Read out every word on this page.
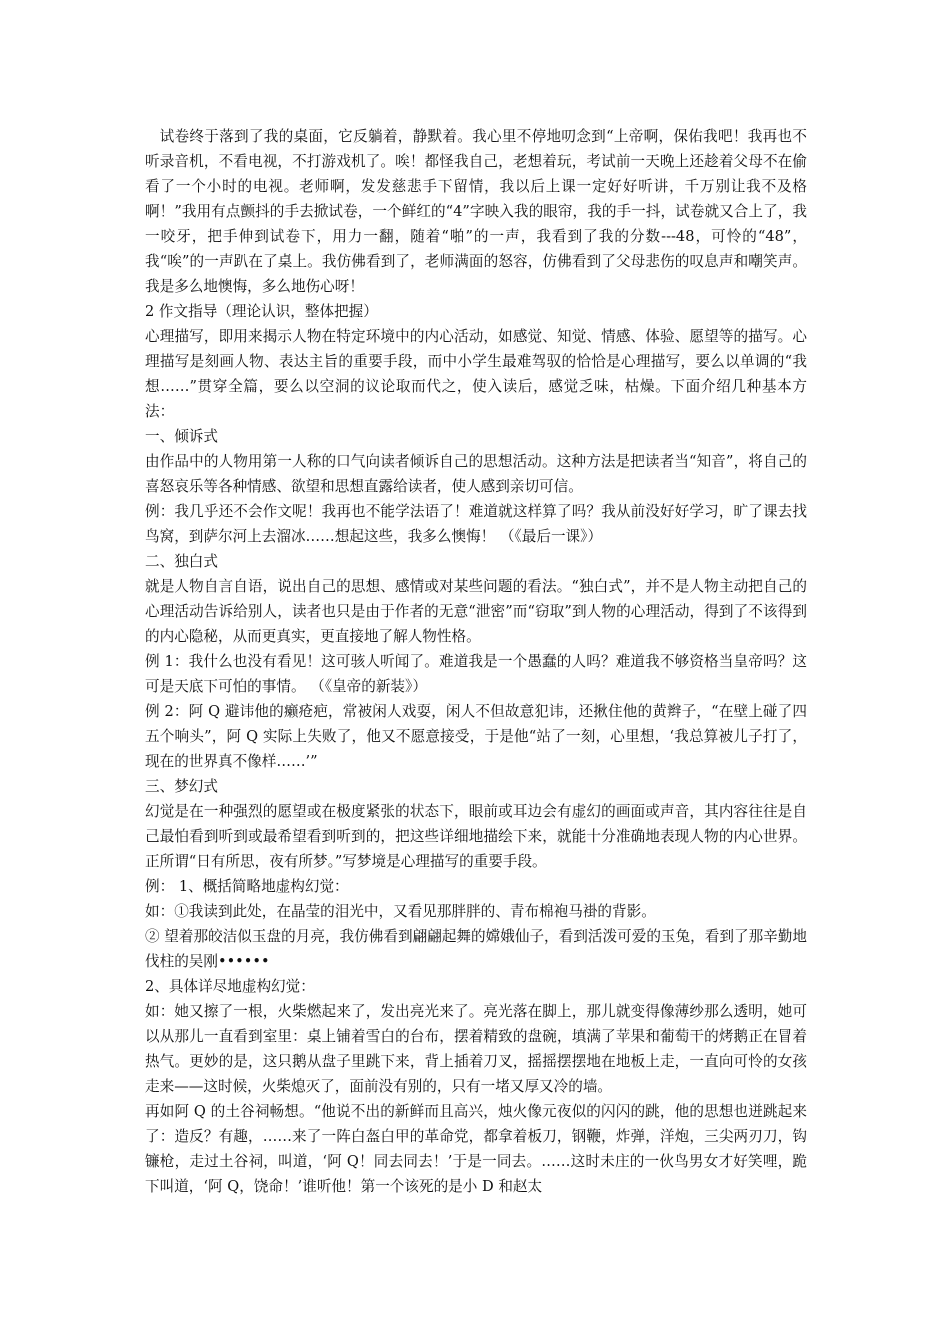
试卷终于落到了我的桌面，它反躺着，静默着。我心里不停地叨念到“上帝啊，保佑我吧！我再也不听录音机，不看电视，不打游戏机了。唉！都怪我自己，老想着玩，考试前一天晚上还趁着父母不在偷看了一个小时的电视。老师啊，发发慈悲手下留情，我以后上课一定好好听讲，千万别让我不及格啊！”我用有点颤抖的手去掀试卷，一个鲜红的“4”字映入我的眼帘，我的手一抖，试卷就又合上了，我一咬牙，把手伸到试卷下，用力一翻，随着“啪”的一声，我看到了我的分数---48，可怜的“48”，我“唉”的一声趴在了桌上。我仿佛看到了，老师满面的怒容，仿佛看到了父母悲伤的叹息声和嘲笑声。我是多么地懊悔，多么地伤心呀！

2 作文指导（理论认识，整体把握）

心理描写，即用来揭示人物在特定环境中的内心活动，如感觉、知觉、情感、体验、愿望等的描写。心理描写是刻画人物、表达主旨的重要手段，而中小学生最难驾驭的恰恰是心理描写，要么以单调的“我想……”贯穿全篇，要么以空洞的议论取而代之，使入读后，感觉乏味，枯燥。下面介绍几种基本方法：

一、倾诉式

由作品中的人物用第一人称的口气向读者倾诉自己的思想活动。这种方法是把读者当“知音”，将自己的喜怒哀乐等各种情感、欲望和思想直露给读者，使人感到亲切可信。

例：我几乎还不会作文呢！我再也不能学法语了！难道就这样算了吗？我从前没好好学习，旷了课去找鸟窝，到萨尔河上去溜冰……想起这些，我多么懊悔！ （《最后一课》）

二、独白式

就是人物自言自语，说出自己的思想、感情或对某些问题的看法。“独白式”，并不是人物主动把自己的心理活动告诉给别人，读者也只是由于作者的无意“泄密”而“窃取”到人物的心理活动，得到了不该得到的内心隐秘，从而更真实，更直接地了解人物性格。

例 1：我什么也没有看见！这可骇人听闻了。难道我是一个愚蠢的人吗？难道我不够资格当皇帝吗？这可是天底下可怕的事情。 （《皇帝的新装》）

例 2：阿 Q 避讳他的癞疮疤，常被闲人戏耍，闲人不但故意犯讳，还揪住他的黄辫子，“在壁上碰了四五个响头”，阿 Q 实际上失败了，他又不愿意接受，于是他“站了一刻，心里想，‘我总算被儿子打了，现在的世界真不像样……’”

三、梦幻式

幻觉是在一种强烈的愿望或在极度紧张的状态下，眼前或耳边会有虚幻的画面或声音，其内容往往是自己最怕看到听到或最希望看到听到的，把这些详细地描绘下来，就能十分准确地表现人物的内心世界。正所谓“日有所思，夜有所梦。”写梦境是心理描写的重要手段。

例： 1、概括简略地虚构幻觉：

如：①我读到此处，在晶莹的泪光中，又看见那胖胖的、青布棉袍马褂的背影。

② 望着那皎洁似玉盘的月亮，我仿佛看到翩翩起舞的嫦娥仙子，看到活泼可爱的玉兔，看到了那辛勤地伐柱的吴刚••••••

2、具体详尽地虚构幻觉：

如：她又擦了一根，火柴燃起来了，发出亮光来了。亮光落在脚上，那儿就变得像薄纱那么透明，她可以从那儿一直看到室里：桌上铺着雪白的台布，摆着精致的盘碗，填满了苹果和葡萄干的烤鹅正在冒着热气。更妙的是，这只鹅从盘子里跳下来，背上插着刀叉，摇摇摆摆地在地板上走，一直向可怜的女孩走来——这时候，火柴熄灭了，面前没有别的，只有一堵又厚又冷的墙。

再如阿 Q 的土谷祠畅想。“他说不出的新鲜而且高兴，烛火像元夜似的闪闪的跳，他的思想也迸跳起来了：造反？有趣，……来了一阵白盔白甲的革命党，都拿着板刀，钢鞭，炸弹，洋炮，三尖两刃刀，钩镰枪，走过土谷祠，叫道，‘阿 Q！同去同去！’于是一同去。……这时未庄的一伙鸟男女才好笑哩，跪下叫道，‘阿 Q，饶命！’谁听他！第一个该死的是小 D 和赵太
